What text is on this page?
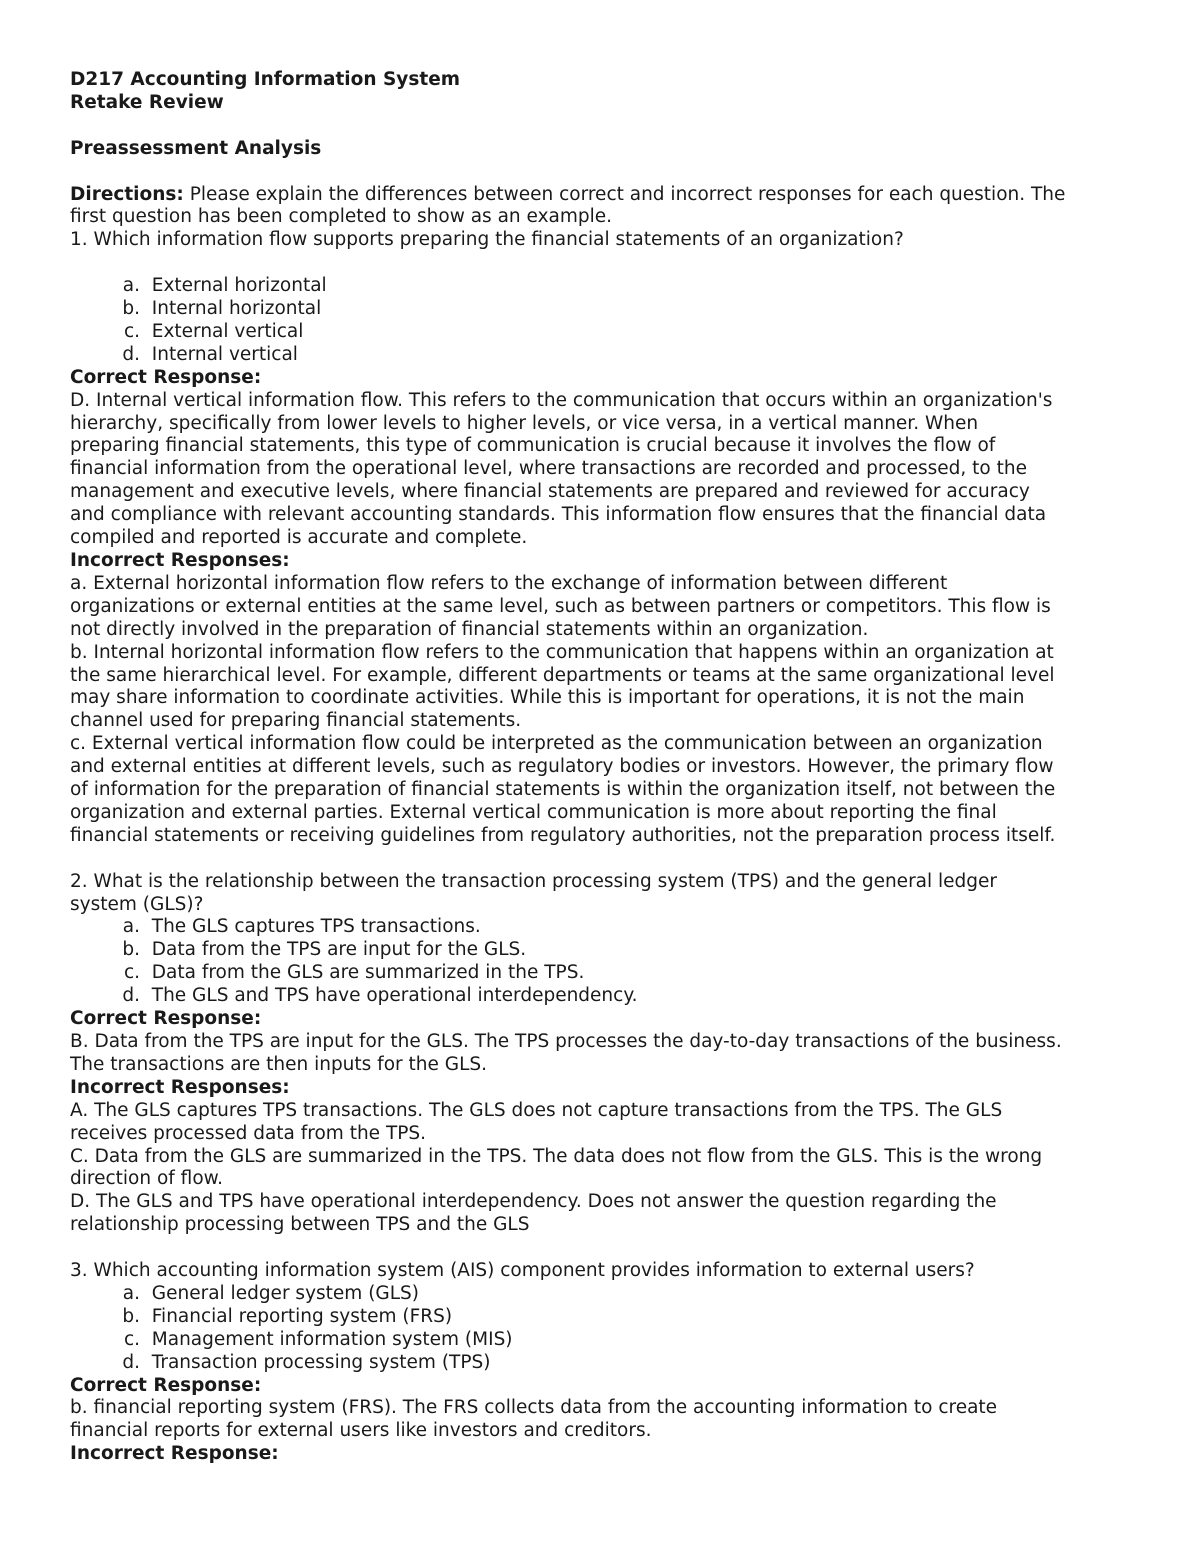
D217 Accounting Information System
Retake Review
Preassessment Analysis
Directions: Please explain the differences between correct and incorrect responses for each question. The
first question has been completed to show as an example.
1. Which information flow supports preparing the financial statements of an organization?
a. External horizontal
b. Internal horizontal
c. External vertical
d. Internal vertical
Correct Response:
D. Internal vertical information flow. This refers to the communication that occurs within an organization's
hierarchy, specifically from lower levels to higher levels, or vice versa, in a vertical manner. When
preparing financial statements, this type of communication is crucial because it involves the flow of
financial information from the operational level, where transactions are recorded and processed, to the
management and executive levels, where financial statements are prepared and reviewed for accuracy
and compliance with relevant accounting standards. This information flow ensures that the financial data
compiled and reported is accurate and complete.
Incorrect Responses:
a. External horizontal information flow refers to the exchange of information between different
organizations or external entities at the same level, such as between partners or competitors. This flow is
not directly involved in the preparation of financial statements within an organization.
b. Internal horizontal information flow refers to the communication that happens within an organization at
the same hierarchical level. For example, different departments or teams at the same organizational level
may share information to coordinate activities. While this is important for operations, it is not the main
channel used for preparing financial statements.
c. External vertical information flow could be interpreted as the communication between an organization
and external entities at different levels, such as regulatory bodies or investors. However, the primary flow
of information for the preparation of financial statements is within the organization itself, not between the
organization and external parties. External vertical communication is more about reporting the final
financial statements or receiving guidelines from regulatory authorities, not the preparation process itself.
2. What is the relationship between the transaction processing system (TPS) and the general ledger
system (GLS)?
a. The GLS captures TPS transactions.
b. Data from the TPS are input for the GLS.
c. Data from the GLS are summarized in the TPS.
d. The GLS and TPS have operational interdependency.
Correct Response:
B. Data from the TPS are input for the GLS. The TPS processes the day-to-day transactions of the business.
The transactions are then inputs for the GLS.
Incorrect Responses:
A. The GLS captures TPS transactions. The GLS does not capture transactions from the TPS. The GLS
receives processed data from the TPS.
C. Data from the GLS are summarized in the TPS. The data does not flow from the GLS. This is the wrong
direction of flow.
D. The GLS and TPS have operational interdependency. Does not answer the question regarding the
relationship processing between TPS and the GLS
3. Which accounting information system (AIS) component provides information to external users?
a. General ledger system (GLS)
b. Financial reporting system (FRS)
c. Management information system (MIS)
d. Transaction processing system (TPS)
Correct Response:
b. financial reporting system (FRS). The FRS collects data from the accounting information to create
financial reports for external users like investors and creditors.
Incorrect Response:
